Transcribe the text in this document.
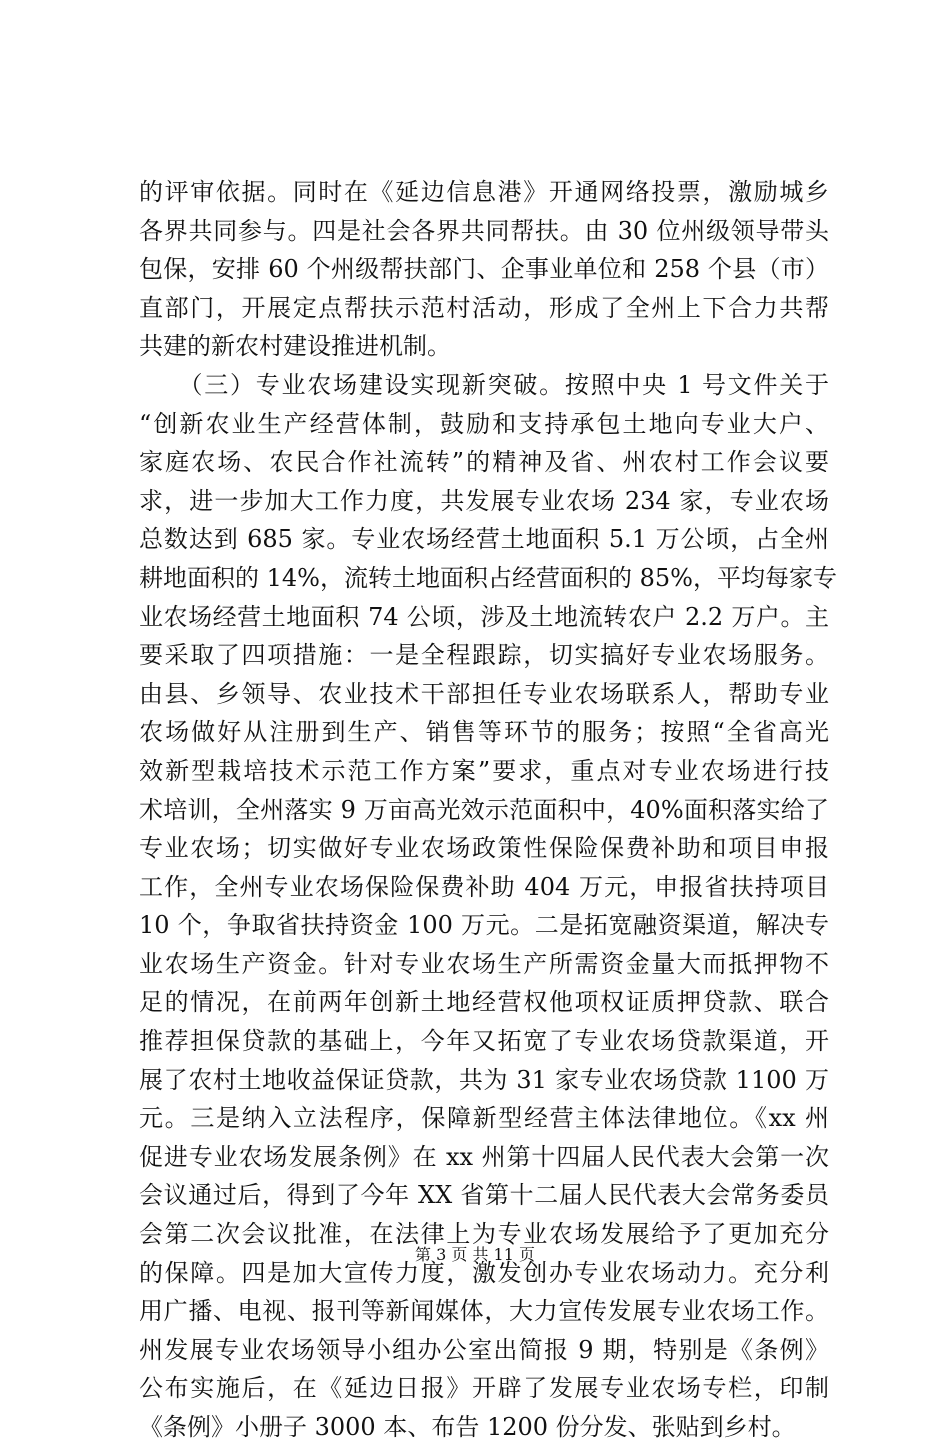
的评审依据。同时在《延边信息港》开通网络投票，激励城乡
各界共同参与。四是社会各界共同帮扶。由 30 位州级领导带头
包保，安排 60 个州级帮扶部门、企事业单位和 258 个县（市）
直部门，开展定点帮扶示范村活动，形成了全州上下合力共帮
共建的新农村建设推进机制。
　　（三）专业农场建设实现新突破。按照中央 1 号文件关于
“创新农业生产经营体制，鼓励和支持承包土地向专业大户、
家庭农场、农民合作社流转”的精神及省、州农村工作会议要
求，进一步加大工作力度，共发展专业农场 234 家，专业农场
总数达到 685 家。专业农场经营土地面积 5.1 万公顷，占全州
耕地面积的 14%，流转土地面积占经营面积的 85%，平均每家专
业农场经营土地面积 74 公顷，涉及土地流转农户 2.2 万户。主
要采取了四项措施：一是全程跟踪，切实搞好专业农场服务。
由县、乡领导、农业技术干部担任专业农场联系人，帮助专业
农场做好从注册到生产、销售等环节的服务；按照“全省高光
效新型栽培技术示范工作方案”要求，重点对专业农场进行技
术培训，全州落实 9 万亩高光效示范面积中，40%面积落实给了
专业农场；切实做好专业农场政策性保险保费补助和项目申报
工作，全州专业农场保险保费补助 404 万元，申报省扶持项目
10 个，争取省扶持资金 100 万元。二是拓宽融资渠道，解决专
业农场生产资金。针对专业农场生产所需资金量大而抵押物不
足的情况，在前两年创新土地经营权他项权证质押贷款、联合
推荐担保贷款的基础上，今年又拓宽了专业农场贷款渠道，开
展了农村土地收益保证贷款，共为 31 家专业农场贷款 1100 万
元。三是纳入立法程序，保障新型经营主体法律地位。《xx 州
促进专业农场发展条例》在 xx 州第十四届人民代表大会第一次
会议通过后，得到了今年 XX 省第十二届人民代表大会常务委员
会第二次会议批准，在法律上为专业农场发展给予了更加充分
的保障。四是加大宣传力度，激发创办专业农场动力。充分利
用广播、电视、报刊等新闻媒体，大力宣传发展专业农场工作。
州发展专业农场领导小组办公室出简报 9 期，特别是《条例》
公布实施后，在《延边日报》开辟了发展专业农场专栏，印制
《条例》小册子 3000 本、布告 1200 份分发、张贴到乡村。
第 3 页 共 11 页
